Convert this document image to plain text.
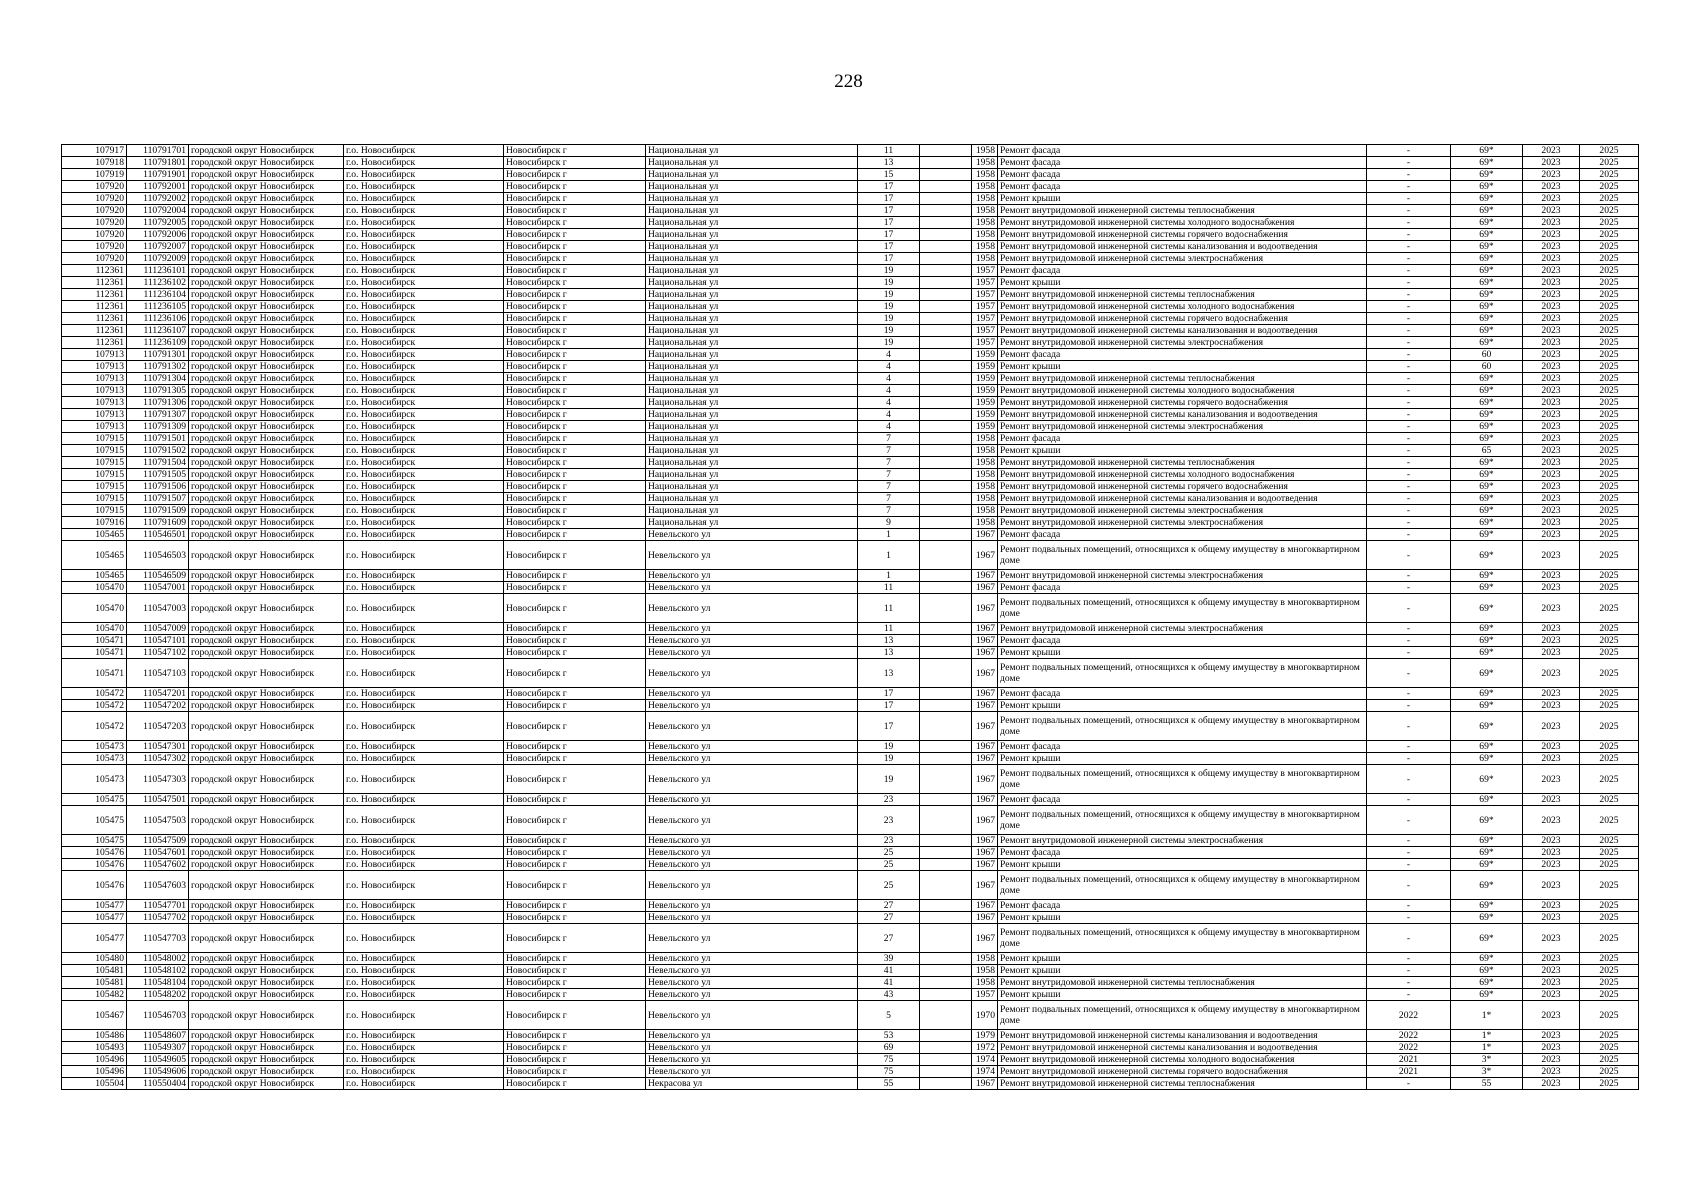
228
107917	110791701	городской округ Новосибирск	г.о. Новосибирск	Новосибирск г	Национальная ул	11		1958	Ремонт фасада	-	69*	2023	2025
107918	110791801	городской округ Новосибирск	г.о. Новосибирск	Новосибирск г	Национальная ул	13		1958	Ремонт фасада	-	69*	2023	2025
107919	110791901	городской округ Новосибирск	г.о. Новосибирск	Новосибирск г	Национальная ул	15		1958	Ремонт фасада	-	69*	2023	2025
107920	110792001	городской округ Новосибирск	г.о. Новосибирск	Новосибирск г	Национальная ул	17		1958	Ремонт фасада	-	69*	2023	2025
107920	110792002	городской округ Новосибирск	г.о. Новосибирск	Новосибирск г	Национальная ул	17		1958	Ремонт крыши	-	69*	2023	2025
107920	110792004	городской округ Новосибирск	г.о. Новосибирск	Новосибирск г	Национальная ул	17		1958	Ремонт внутридомовой инженерной системы теплоснабжения	-	69*	2023	2025
107920	110792005	городской округ Новосибирск	г.о. Новосибирск	Новосибирск г	Национальная ул	17		1958	Ремонт внутридомовой инженерной системы холодного водоснабжения	-	69*	2023	2025
107920	110792006	городской округ Новосибирск	г.о. Новосибирск	Новосибирск г	Национальная ул	17		1958	Ремонт внутридомовой инженерной системы горячего водоснабжения	-	69*	2023	2025
107920	110792007	городской округ Новосибирск	г.о. Новосибирск	Новосибирск г	Национальная ул	17		1958	Ремонт внутридомовой инженерной системы канализования и водоотведения	-	69*	2023	2025
107920	110792009	городской округ Новосибирск	г.о. Новосибирск	Новосибирск г	Национальная ул	17		1958	Ремонт внутридомовой инженерной системы электроснабжения	-	69*	2023	2025
112361	111236101	городской округ Новосибирск	г.о. Новосибирск	Новосибирск г	Национальная ул	19		1957	Ремонт фасада	-	69*	2023	2025
112361	111236102	городской округ Новосибирск	г.о. Новосибирск	Новосибирск г	Национальная ул	19		1957	Ремонт крыши	-	69*	2023	2025
112361	111236104	городской округ Новосибирск	г.о. Новосибирск	Новосибирск г	Национальная ул	19		1957	Ремонт внутридомовой инженерной системы теплоснабжения	-	69*	2023	2025
112361	111236105	городской округ Новосибирск	г.о. Новосибирск	Новосибирск г	Национальная ул	19		1957	Ремонт внутридомовой инженерной системы холодного водоснабжения	-	69*	2023	2025
112361	111236106	городской округ Новосибирск	г.о. Новосибирск	Новосибирск г	Национальная ул	19		1957	Ремонт внутридомовой инженерной системы горячего водоснабжения	-	69*	2023	2025
112361	111236107	городской округ Новосибирск	г.о. Новосибирск	Новосибирск г	Национальная ул	19		1957	Ремонт внутридомовой инженерной системы канализования и водоотведения	-	69*	2023	2025
112361	111236109	городской округ Новосибирск	г.о. Новосибирск	Новосибирск г	Национальная ул	19		1957	Ремонт внутридомовой инженерной системы электроснабжения	-	69*	2023	2025
107913	110791301	городской округ Новосибирск	г.о. Новосибирск	Новосибирск г	Национальная ул	4		1959	Ремонт фасада	-	60	2023	2025
107913	110791302	городской округ Новосибирск	г.о. Новосибирск	Новосибирск г	Национальная ул	4		1959	Ремонт крыши	-	60	2023	2025
107913	110791304	городской округ Новосибирск	г.о. Новосибирск	Новосибирск г	Национальная ул	4		1959	Ремонт внутридомовой инженерной системы теплоснабжения	-	69*	2023	2025
107913	110791305	городской округ Новосибирск	г.о. Новосибирск	Новосибирск г	Национальная ул	4		1959	Ремонт внутридомовой инженерной системы холодного водоснабжения	-	69*	2023	2025
107913	110791306	городской округ Новосибирск	г.о. Новосибирск	Новосибирск г	Национальная ул	4		1959	Ремонт внутридомовой инженерной системы горячего водоснабжения	-	69*	2023	2025
107913	110791307	городской округ Новосибирск	г.о. Новосибирск	Новосибирск г	Национальная ул	4		1959	Ремонт внутридомовой инженерной системы канализования и водоотведения	-	69*	2023	2025
107913	110791309	городской округ Новосибирск	г.о. Новосибирск	Новосибирск г	Национальная ул	4		1959	Ремонт внутридомовой инженерной системы электроснабжения	-	69*	2023	2025
107915	110791501	городской округ Новосибирск	г.о. Новосибирск	Новосибирск г	Национальная ул	7		1958	Ремонт фасада	-	69*	2023	2025
107915	110791502	городской округ Новосибирск	г.о. Новосибирск	Новосибирск г	Национальная ул	7		1958	Ремонт крыши	-	65	2023	2025
107915	110791504	городской округ Новосибирск	г.о. Новосибирск	Новосибирск г	Национальная ул	7		1958	Ремонт внутридомовой инженерной системы теплоснабжения	-	69*	2023	2025
107915	110791505	городской округ Новосибирск	г.о. Новосибирск	Новосибирск г	Национальная ул	7		1958	Ремонт внутридомовой инженерной системы холодного водоснабжения	-	69*	2023	2025
107915	110791506	городской округ Новосибирск	г.о. Новосибирск	Новосибирск г	Национальная ул	7		1958	Ремонт внутридомовой инженерной системы горячего водоснабжения	-	69*	2023	2025
107915	110791507	городской округ Новосибирск	г.о. Новосибирск	Новосибирск г	Национальная ул	7		1958	Ремонт внутридомовой инженерной системы канализования и водоотведения	-	69*	2023	2025
107915	110791509	городской округ Новосибирск	г.о. Новосибирск	Новосибирск г	Национальная ул	7		1958	Ремонт внутридомовой инженерной системы электроснабжения	-	69*	2023	2025
107916	110791609	городской округ Новосибирск	г.о. Новосибирск	Новосибирск г	Национальная ул	9		1958	Ремонт внутридомовой инженерной системы электроснабжения	-	69*	2023	2025
105465	110546501	городской округ Новосибирск	г.о. Новосибирск	Новосибирск г	Невельского ул	1		1967	Ремонт фасада	-	69*	2023	2025
105465	110546503	городской округ Новосибирск	г.о. Новосибирск	Новосибирск г	Невельского ул	1		1967	Ремонт подвальных помещений, относящихся к общему имуществу в многоквартирном доме	-	69*	2023	2025
105465	110546509	городской округ Новосибирск	г.о. Новосибирск	Новосибирск г	Невельского ул	1		1967	Ремонт внутридомовой инженерной системы электроснабжения	-	69*	2023	2025
105470	110547001	городской округ Новосибирск	г.о. Новосибирск	Новосибирск г	Невельского ул	11		1967	Ремонт фасада	-	69*	2023	2025
105470	110547003	городской округ Новосибирск	г.о. Новосибирск	Новосибирск г	Невельского ул	11		1967	Ремонт подвальных помещений, относящихся к общему имуществу в многоквартирном доме	-	69*	2023	2025
105470	110547009	городской округ Новосибирск	г.о. Новосибирск	Новосибирск г	Невельского ул	11		1967	Ремонт внутридомовой инженерной системы электроснабжения	-	69*	2023	2025
105471	110547101	городской округ Новосибирск	г.о. Новосибирск	Новосибирск г	Невельского ул	13		1967	Ремонт фасада	-	69*	2023	2025
105471	110547102	городской округ Новосибирск	г.о. Новосибирск	Новосибирск г	Невельского ул	13		1967	Ремонт крыши	-	69*	2023	2025
105471	110547103	городской округ Новосибирск	г.о. Новосибирск	Новосибирск г	Невельского ул	13		1967	Ремонт подвальных помещений, относящихся к общему имуществу в многоквартирном доме	-	69*	2023	2025
105472	110547201	городской округ Новосибирск	г.о. Новосибирск	Новосибирск г	Невельского ул	17		1967	Ремонт фасада	-	69*	2023	2025
105472	110547202	городской округ Новосибирск	г.о. Новосибирск	Новосибирск г	Невельского ул	17		1967	Ремонт крыши	-	69*	2023	2025
105472	110547203	городской округ Новосибирск	г.о. Новосибирск	Новосибирск г	Невельского ул	17		1967	Ремонт подвальных помещений, относящихся к общему имуществу в многоквартирном доме	-	69*	2023	2025
105473	110547301	городской округ Новосибирск	г.о. Новосибирск	Новосибирск г	Невельского ул	19		1967	Ремонт фасада	-	69*	2023	2025
105473	110547302	городской округ Новосибирск	г.о. Новосибирск	Новосибирск г	Невельского ул	19		1967	Ремонт крыши	-	69*	2023	2025
105473	110547303	городской округ Новосибирск	г.о. Новосибирск	Новосибирск г	Невельского ул	19		1967	Ремонт подвальных помещений, относящихся к общему имуществу в многоквартирном доме	-	69*	2023	2025
105475	110547501	городской округ Новосибирск	г.о. Новосибирск	Новосибирск г	Невельского ул	23		1967	Ремонт фасада	-	69*	2023	2025
105475	110547503	городской округ Новосибирск	г.о. Новосибирск	Новосибирск г	Невельского ул	23		1967	Ремонт подвальных помещений, относящихся к общему имуществу в многоквартирном доме	-	69*	2023	2025
105475	110547509	городской округ Новосибирск	г.о. Новосибирск	Новосибирск г	Невельского ул	23		1967	Ремонт внутридомовой инженерной системы электроснабжения	-	69*	2023	2025
105476	110547601	городской округ Новосибирск	г.о. Новосибирск	Новосибирск г	Невельского ул	25		1967	Ремонт фасада	-	69*	2023	2025
105476	110547602	городской округ Новосибирск	г.о. Новосибирск	Новосибирск г	Невельского ул	25		1967	Ремонт крыши	-	69*	2023	2025
105476	110547603	городской округ Новосибирск	г.о. Новосибирск	Новосибирск г	Невельского ул	25		1967	Ремонт подвальных помещений, относящихся к общему имуществу в многоквартирном доме	-	69*	2023	2025
105477	110547701	городской округ Новосибирск	г.о. Новосибирск	Новосибирск г	Невельского ул	27		1967	Ремонт фасада	-	69*	2023	2025
105477	110547702	городской округ Новосибирск	г.о. Новосибирск	Новосибирск г	Невельского ул	27		1967	Ремонт крыши	-	69*	2023	2025
105477	110547703	городской округ Новосибирск	г.о. Новосибирск	Новосибирск г	Невельского ул	27		1967	Ремонт подвальных помещений, относящихся к общему имуществу в многоквартирном доме	-	69*	2023	2025
105480	110548002	городской округ Новосибирск	г.о. Новосибирск	Новосибирск г	Невельского ул	39		1958	Ремонт крыши	-	69*	2023	2025
105481	110548102	городской округ Новосибирск	г.о. Новосибирск	Новосибирск г	Невельского ул	41		1958	Ремонт крыши	-	69*	2023	2025
105481	110548104	городской округ Новосибирск	г.о. Новосибирск	Новосибирск г	Невельского ул	41		1958	Ремонт внутридомовой инженерной системы теплоснабжения	-	69*	2023	2025
105482	110548202	городской округ Новосибирск	г.о. Новосибирск	Новосибирск г	Невельского ул	43		1957	Ремонт крыши	-	69*	2023	2025
105467	110546703	городской округ Новосибирск	г.о. Новосибирск	Новосибирск г	Невельского ул	5		1970	Ремонт подвальных помещений, относящихся к общему имуществу в многоквартирном доме	2022	1*	2023	2025
105486	110548607	городской округ Новосибирск	г.о. Новосибирск	Новосибирск г	Невельского ул	53		1979	Ремонт внутридомовой инженерной системы канализования и водоотведения	2022	1*	2023	2025
105493	110549307	городской округ Новосибирск	г.о. Новосибирск	Новосибирск г	Невельского ул	69		1972	Ремонт внутридомовой инженерной системы канализования и водоотведения	2022	1*	2023	2025
105496	110549605	городской округ Новосибирск	г.о. Новосибирск	Новосибирск г	Невельского ул	75		1974	Ремонт внутридомовой инженерной системы холодного водоснабжения	2021	3*	2023	2025
105496	110549606	городской округ Новосибирск	г.о. Новосибирск	Новосибирск г	Невельского ул	75		1974	Ремонт внутридомовой инженерной системы горячего водоснабжения	2021	3*	2023	2025
105504	110550404	городской округ Новосибирск	г.о. Новосибирск	Новосибирск г	Некрасова ул	55		1967	Ремонт внутридомовой инженерной системы теплоснабжения	-	55	2023	2025
